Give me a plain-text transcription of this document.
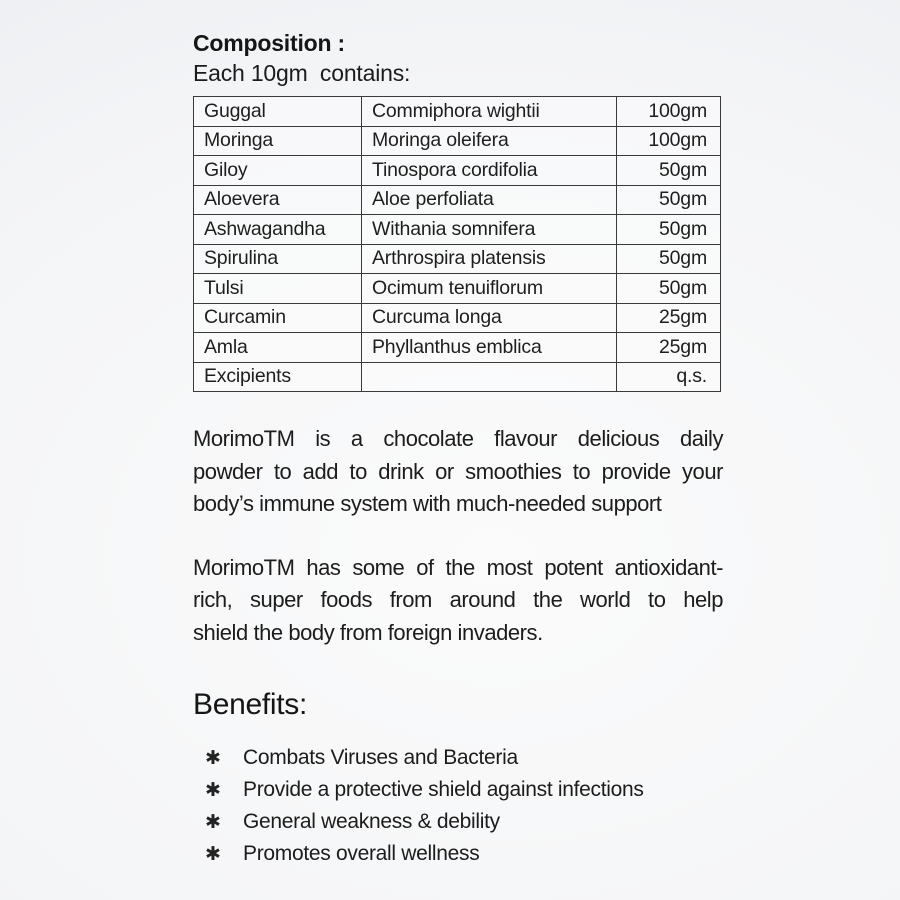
Composition :
Each 10gm  contains:
Guggal	Commiphora wightii	100gm
Moringa	Moringa oleifera	100gm
Giloy	Tinospora cordifolia	50gm
Aloevera	Aloe perfoliata	50gm
Ashwagandha	Withania somnifera	50gm
Spirulina	Arthrospira platensis	50gm
Tulsi	Ocimum tenuiflorum	50gm
Curcamin	Curcuma longa	25gm
Amla	Phyllanthus emblica	25gm
Excipients		q.s.
MorimoTM is a chocolate flavour delicious daily
powder to add to drink or smoothies to provide your
body’s immune system with much-needed support
MorimoTM has some of the most potent antioxidant-
rich, super foods from around the world to help
shield the body from foreign invaders.
Benefits:
✱	Combats Viruses and Bacteria
✱	Provide a protective shield against infections
✱	General weakness & debility
✱	Promotes overall wellness
